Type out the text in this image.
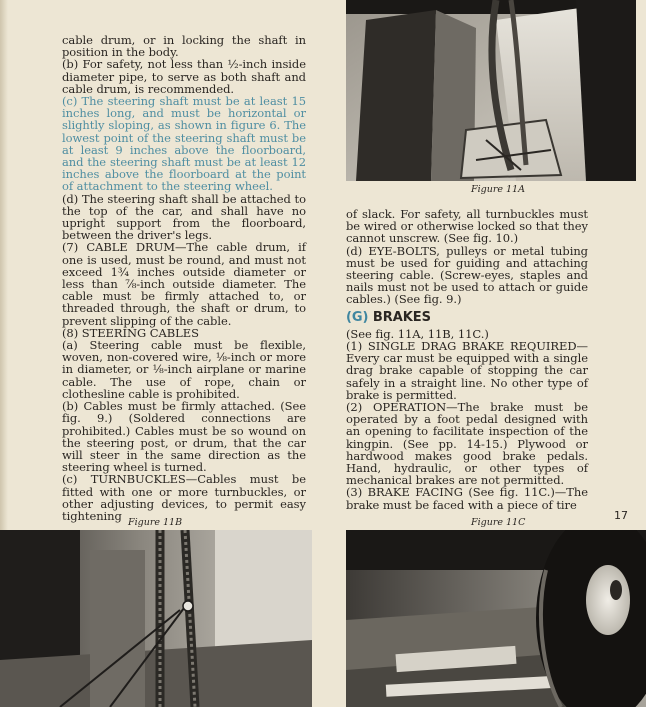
Figure 11A

cable drum, or in locking the shaft in position in the body.

(b) For safety, not less than ½-inch inside diameter pipe, to serve as both shaft and cable drum, is recommended.

(c) The steering shaft must be at least 15 inches long, and must be horizontal or slightly sloping, as shown in figure 6. The lowest point of the steering shaft must be at least 9 inches above the floorboard, and the steering shaft must be at least 12 inches above the floorboard at the point of attachment to the steering wheel.

(d) The steering shaft shall be attached to the top of the car, and shall have no upright support from the floorboard, between the driver's legs.

(7) CABLE DRUM—The cable drum, if one is used, must be round, and must not exceed 1¾ inches outside diameter or less than ⅞-inch outside diameter. The cable must be firmly attached to, or threaded through, the shaft or drum, to prevent slipping of the cable.

(8) STEERING CABLES

(a) Steering cable must be flexible, woven, non-covered wire, ⅛-inch or more in diameter, or ⅛-inch airplane or marine cable. The use of rope, chain or clothesline cable is prohibited.

(b) Cables must be firmly attached. (See fig. 9.) (Soldered connections are prohibited.) Cables must be so wound on the steering post, or drum, that the car will steer in the same direction as the steering wheel is turned.

(c) TURNBUCKLES—Cables must be fitted with one or more turnbuckles, or other adjusting devices, to permit easy tightening

of slack. For safety, all turnbuckles must be wired or otherwise locked so that they cannot unscrew. (See fig. 10.)

(d) EYE-BOLTS, pulleys or metal tubing must be used for guiding and attaching steering cable. (Screw-eyes, staples and nails must not be used to attach or guide cables.) (See fig. 9.)

(G) BRAKES

(See fig. 11A, 11B, 11C.)

(1) SINGLE DRAG BRAKE REQUIRED—Every car must be equipped with a single drag brake capable of stopping the car safely in a straight line. No other type of brake is permitted.

(2) OPERATION—The brake must be operated by a foot pedal designed with an opening to facilitate inspection of the kingpin. (See pp. 14-15.) Plywood or hardwood makes good brake pedals. Hand, hydraulic, or other types of mechanical brakes are not permitted.

(3) BRAKE FACING (See fig. 11C.)—The brake must be faced with a piece of tire

17
Figure 11B	Figure 11C
